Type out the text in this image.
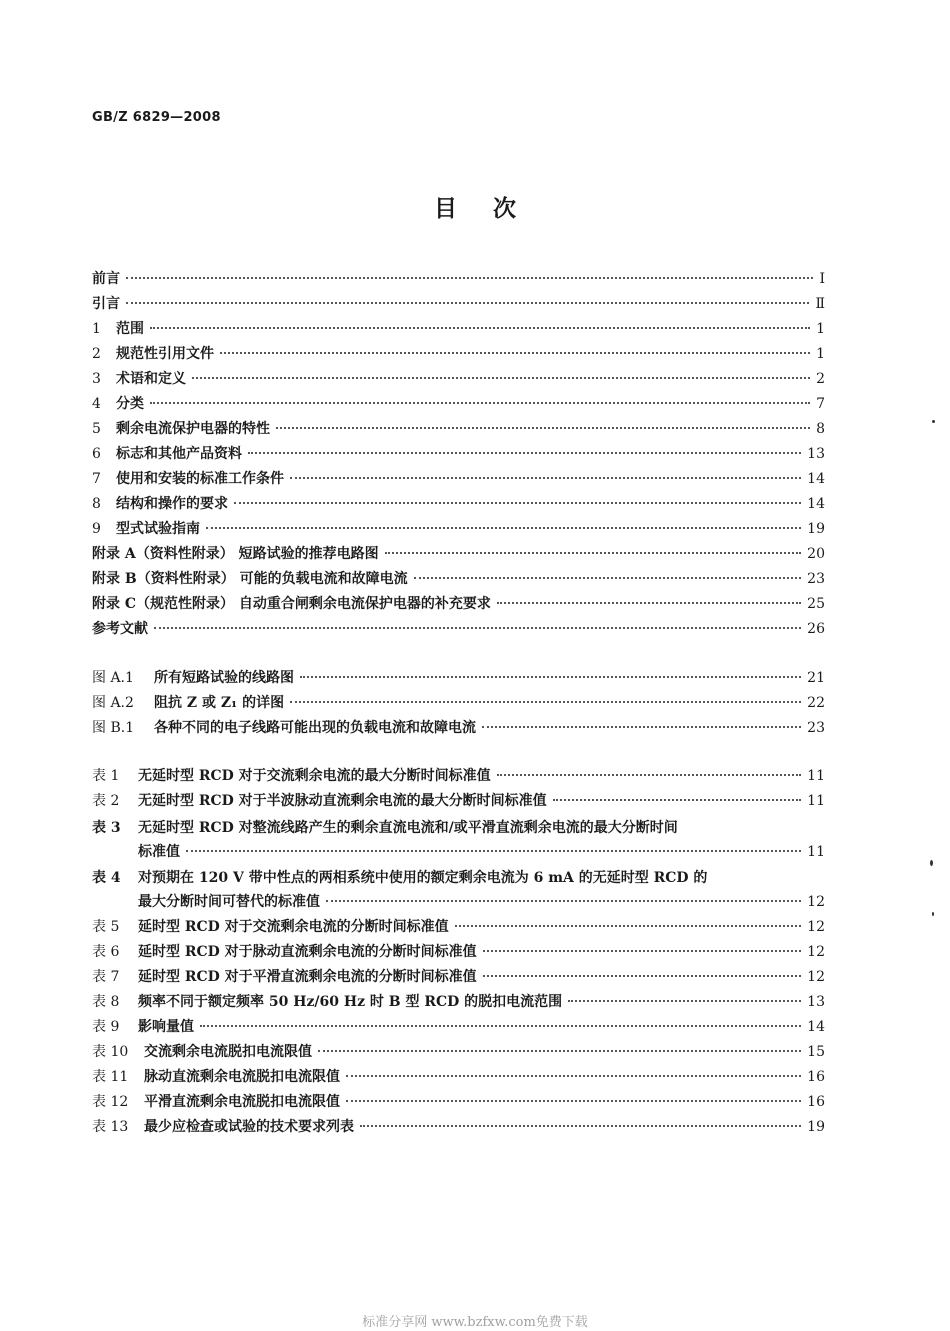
GB/Z 6829—2008
目 次
前言	Ⅰ
引言	Ⅱ
1 范围	1
2 规范性引用文件	1
3 术语和定义	2
4 分类	7
5 剩余电流保护电器的特性	8
6 标志和其他产品资料	13
7 使用和安装的标准工作条件	14
8 结构和操作的要求	14
9 型式试验指南	19
附录 A（资料性附录） 短路试验的推荐电路图	20
附录 B（资料性附录） 可能的负载电流和故障电流	23
附录 C（规范性附录） 自动重合闸剩余电流保护电器的补充要求	25
参考文献	26
图 A.1 所有短路试验的线路图	21
图 A.2 阻抗 Z 或 Z₁ 的详图	22
图 B.1 各种不同的电子线路可能出现的负载电流和故障电流	23
表 1 无延时型 RCD 对于交流剩余电流的最大分断时间标准值	11
表 2 无延时型 RCD 对于半波脉动直流剩余电流的最大分断时间标准值	11
表 3 无延时型 RCD 对整流线路产生的剩余直流电流和/或平滑直流剩余电流的最大分断时间
标准值	11
表 4 对预期在 120 V 带中性点的两相系统中使用的额定剩余电流为 6 mA 的无延时型 RCD 的
最大分断时间可替代的标准值	12
表 5 延时型 RCD 对于交流剩余电流的分断时间标准值	12
表 6 延时型 RCD 对于脉动直流剩余电流的分断时间标准值	12
表 7 延时型 RCD 对于平滑直流剩余电流的分断时间标准值	12
表 8 频率不同于额定频率 50 Hz/60 Hz 时 B 型 RCD 的脱扣电流范围	13
表 9 影响量值	14
表 10 交流剩余电流脱扣电流限值	15
表 11 脉动直流剩余电流脱扣电流限值	16
表 12 平滑直流剩余电流脱扣电流限值	16
表 13 最少应检查或试验的技术要求列表	19
标准分享网 www.bzfxw.com免费下载
